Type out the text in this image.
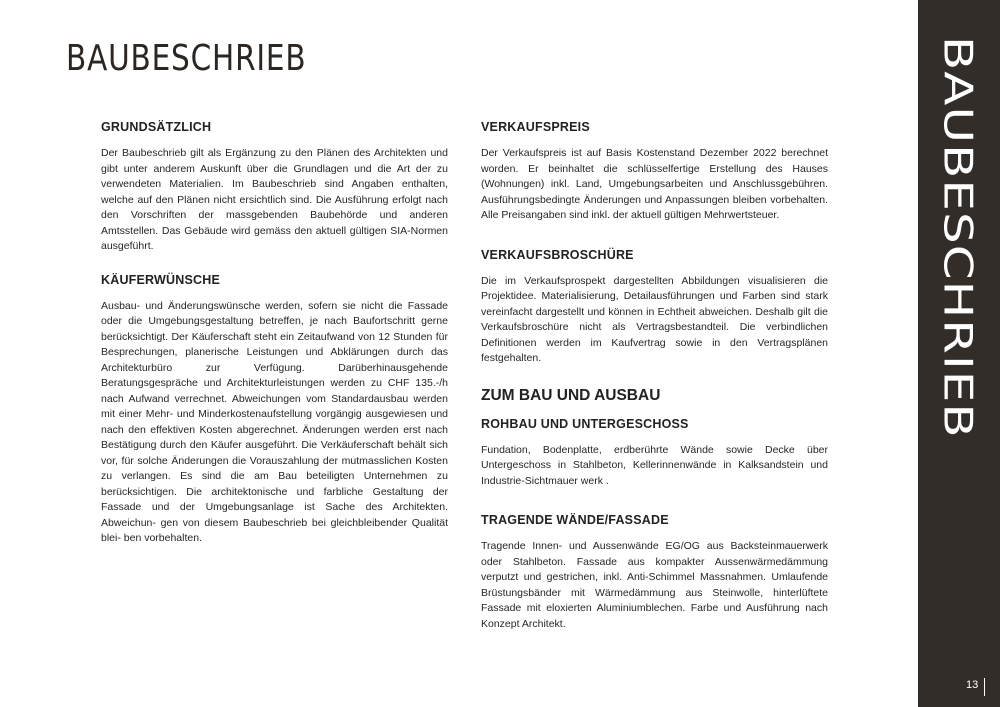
BAUBESCHRIEB
GRUNDSÄTZLICH

Der Baubeschrieb gilt als Ergänzung zu den Plänen des Architekten und gibt unter anderem Auskunft über die Grundlagen und die Art der zu verwendeten Materialien. Im Baubeschrieb sind Angaben enthalten, welche auf den Plänen nicht ersichtlich sind. Die Ausführung erfolgt nach den Vorschriften der massgebenden Baubehörde und anderen Amtsstellen. Das Gebäude wird gemäss den aktuell gültigen SIA-Normen ausgeführt.

KÄUFERWÜNSCHE

Ausbau- und Änderungswünsche werden, sofern sie nicht die Fassade oder die Umgebungsgestaltung betreffen, je nach Baufortschritt gerne berücksichtigt. Der Käuferschaft steht ein Zeitaufwand von 12 Stunden für Besprechungen, planerische Leistungen und Abklärungen durch das Architekturbüro zur Verfügung. Darüberhinausgehende Beratungsgespräche und Architekturleistungen werden zu CHF 135.-/h nach Aufwand verrechnet. Abweichungen vom Standardausbau werden mit einer Mehr- und Minderkostenaufstellung vorgängig ausgewiesen und nach den effektiven Kosten abgerechnet. Änderungen werden erst nach Bestätigung durch den Käufer ausgeführt. Die Verkäuferschaft behält sich vor, für solche Änderungen die Vorauszahlung der mutmasslichen Kosten zu verlangen. Es sind die am Bau beteiligten Unternehmen zu berücksichtigen. Die architektonische und farbliche Gestaltung der Fassade und der Umgebungsanlage ist Sache des Architekten. Abweichun- gen von diesem Baubeschrieb bei gleichbleibender Qualität blei- ben vorbehalten.

VERKAUFSPREIS

Der Verkaufspreis ist auf Basis Kostenstand Dezember 2022 berechnet worden. Er beinhaltet die schlüsselfertige Erstellung des Hauses (Wohnungen) inkl. Land, Umgebungsarbeiten und Anschlussgebühren. Ausführungsbedingte Änderungen und Anpassungen bleiben vorbehalten. Alle Preisangaben sind inkl. der aktuell gültigen Mehrwertsteuer.

VERKAUFSBROSCHÜRE

Die im Verkaufsprospekt dargestellten Abbildungen visualisieren die Projektidee. Materialisierung, Detailausführungen und Farben sind stark vereinfacht dargestellt und können in Echtheit abweichen. Deshalb gilt die Verkaufsbroschüre nicht als Vertragsbestandteil. Die verbindlichen Definitionen werden im Kaufvertrag sowie in den Vertragsplänen festgehalten.

ZUM BAU UND AUSBAU
ROHBAU UND UNTERGESCHOSS

Fundation, Bodenplatte, erdberührte Wände sowie Decke über Untergeschoss in Stahlbeton, Kellerinnenwände in Kalksandstein und Industrie-Sichtmauer werk .

TRAGENDE WÄNDE/FASSADE

Tragende Innen- und Aussenwände EG/OG aus Backsteinmauerwerk oder Stahlbeton. Fassade aus kompakter Aussenwärmedämmung verputzt und gestrichen, inkl. Anti-Schimmel Massnahmen. Umlaufende Brüstungsbänder mit Wärmedämmung aus Steinwolle, hinterlüftete Fassade mit eloxierten Aluminiumblechen. Farbe und Ausführung nach Konzept Architekt.

BAUBESCHRIEB
13
